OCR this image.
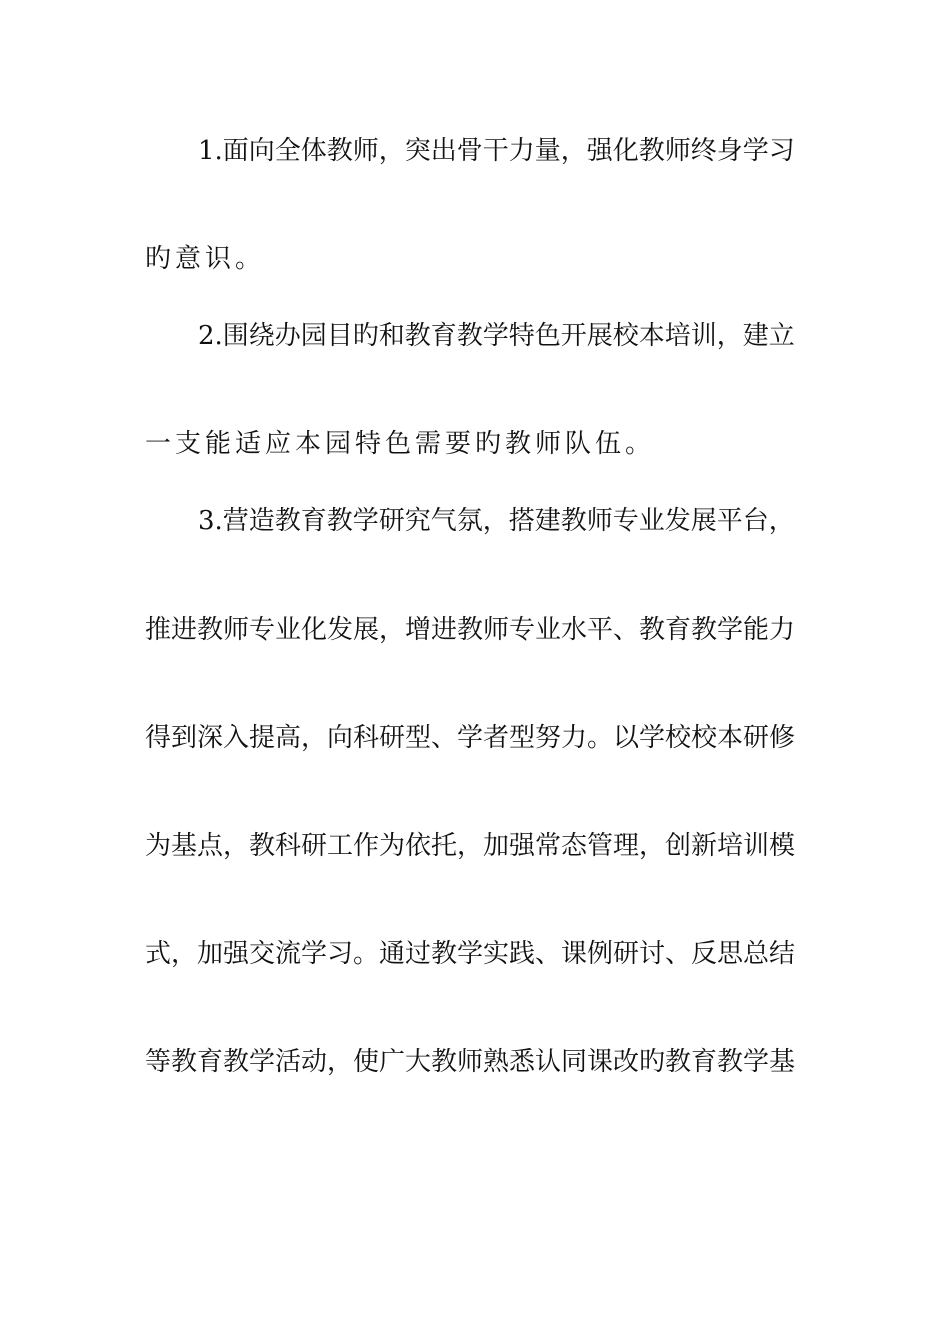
1.面向全体教师，突出骨干力量，强化教师终身学习
旳意识。
2.围绕办园目旳和教育教学特色开展校本培训，建立
一支能适应本园特色需要旳教师队伍。
3.营造教育教学研究气氛，搭建教师专业发展平台，
推进教师专业化发展，增进教师专业水平、教育教学能力
得到深入提高，向科研型、学者型努力。以学校校本研修
为基点，教科研工作为依托，加强常态管理，创新培训模
式，加强交流学习。通过教学实践、课例研讨、反思总结
等教育教学活动，使广大教师熟悉认同课改旳教育教学基
